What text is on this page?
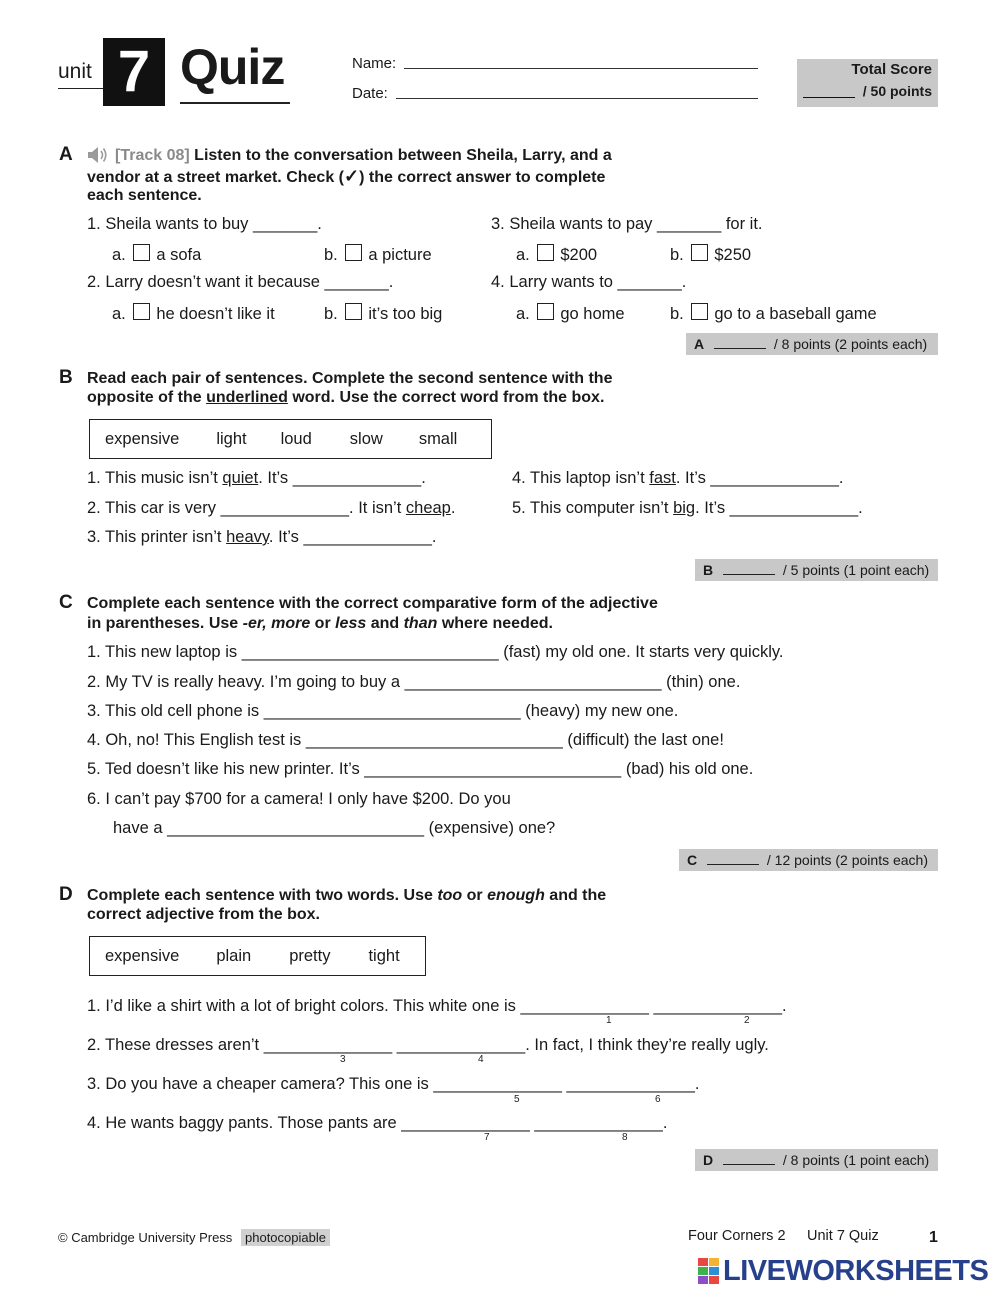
unit 7 Quiz	Name:
Date:
Total Score
/ 50 points
A	[Track 08] Listen to the conversation between Sheila, Larry, and a
vendor at a street market. Check (✓) the correct answer to complete
each sentence.
1. Sheila wants to buy _______.
a. a sofa	b. a picture
2. Larry doesn’t want it because _______.
a. he doesn’t like it	b. it’s too big
3. Sheila wants to pay _______ for it.
a. $200	b. $250
4. Larry wants to _______.
a. go home	b. go to a baseball game
A	/ 8 points (2 points each)
B Read each pair of sentences. Complete the second sentence with the
opposite of the underlined word. Use the correct word from the box.
expensive light loud slow small
1. This music isn’t quiet. It’s ______________.
2. This car is very ______________. It isn’t cheap.
3. This printer isn’t heavy. It’s ______________.
4. This laptop isn’t fast. It’s ______________.
5. This computer isn’t big. It’s ______________.
B	/ 5 points (1 point each)
C Complete each sentence with the correct comparative form of the adjective
in parentheses. Use -er, more or less and than where needed.
1. This new laptop is ____________________________ (fast) my old one. It starts very quickly.
2. My TV is really heavy. I’m going to buy a ____________________________ (thin) one.
3. This old cell phone is ____________________________ (heavy) my new one.
4. Oh, no! This English test is ____________________________ (difficult) the last one!
5. Ted doesn’t like his new printer. It’s ____________________________ (bad) his old one.
6. I can’t pay $700 for a camera! I only have $200. Do you
have a ____________________________ (expensive) one?
C	/ 12 points (2 points each)
D Complete each sentence with two words. Use too or enough and the
correct adjective from the box.
expensive plain pretty tight
1. I’d like a shirt with a lot of bright colors. This white one is ______________ ______________.
1	2
2. These dresses aren’t ______________ ______________. In fact, I think they’re really ugly.
3	4
3. Do you have a cheaper camera? This one is ______________ ______________.
5	6
4. He wants baggy pants. Those pants are ______________ ______________.
7	8
D	/ 8 points (1 point each)
© Cambridge University Press photocopiable	Four Corners 2 Unit 7 Quiz	1
LIVEWORKSHEETS
